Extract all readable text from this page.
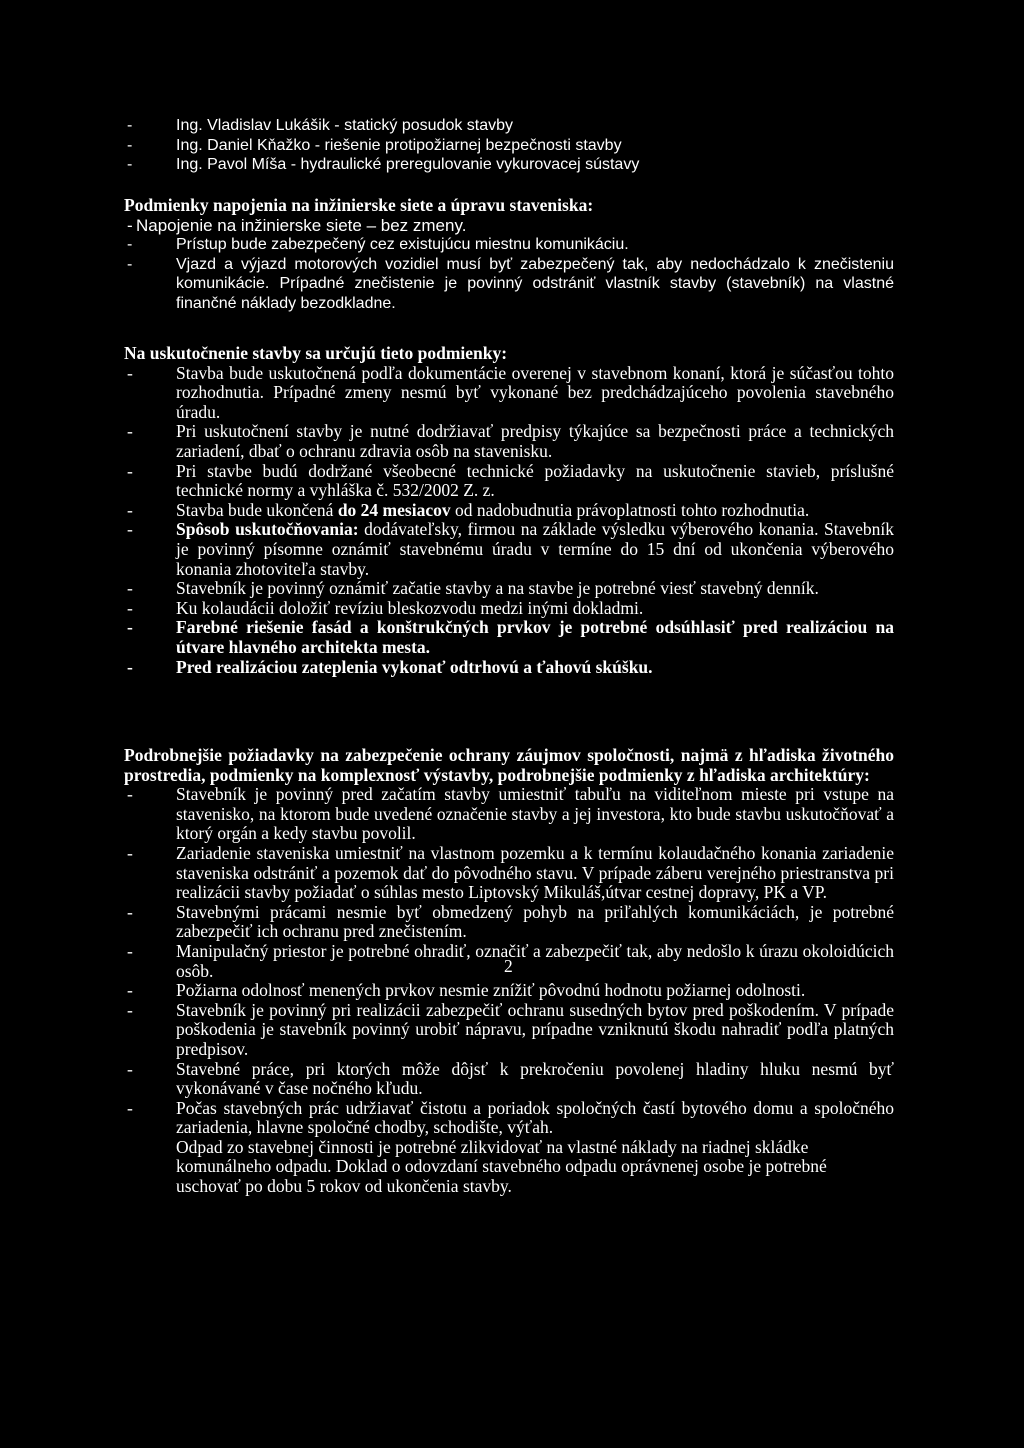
-	Ing. Vladislav Lukášik - statický posudok stavby
-	Ing. Daniel Kňažko - riešenie protipožiarnej bezpečnosti stavby
-	Ing. Pavol Míša - hydraulické preregulovanie vykurovacej sústavy
Podmienky napojenia na inžinierske siete a úpravu staveniska:
- Napojenie na inžinierske siete – bez zmeny.
-	Prístup bude zabezpečený cez existujúcu miestnu komunikáciu.
-	Vjazd a výjazd motorových vozidiel musí byť zabezpečený tak, aby nedochádzalo k znečisteniu komunikácie. Prípadné znečistenie je povinný odstrániť vlastník stavby (stavebník) na vlastné finančné náklady bezodkladne.
Na uskutočnenie stavby sa určujú tieto podmienky:
- Stavba bude uskutočnená podľa dokumentácie overenej v stavebnom konaní, ktorá je súčasťou tohto rozhodnutia. Prípadné zmeny nesmú byť vykonané bez predchádzajúceho povolenia stavebného úradu.
- Pri uskutočnení stavby je nutné dodržiavať predpisy týkajúce sa bezpečnosti práce a technických zariadení, dbať o ochranu zdravia osôb na stavenisku.
- Pri stavbe budú dodržané všeobecné technické požiadavky na uskutočnenie stavieb, príslušné technické normy a vyhláška č. 532/2002 Z. z.
- Stavba bude ukončená do 24 mesiacov od nadobudnutia právoplatnosti tohto rozhodnutia.
- Spôsob uskutočňovania: dodávateľsky, firmou na základe výsledku výberového konania. Stavebník je povinný písomne oznámiť stavebnému úradu v termíne do 15 dní od ukončenia výberového konania zhotoviteľa stavby.
- Stavebník je povinný oznámiť začatie stavby a na stavbe je potrebné viesť stavebný denník.
- Ku kolaudácii doložiť revíziu bleskozvodu medzi inými dokladmi.
- Farebné riešenie fasád a konštrukčných prvkov je potrebné odsúhlasiť pred realizáciou na útvare hlavného architekta mesta.
- Pred realizáciou zateplenia vykonať odtrhovú a ťahovú skúšku.
Podrobnejšie požiadavky na zabezpečenie ochrany záujmov spoločnosti, najmä z hľadiska životného prostredia, podmienky na komplexnosť výstavby, podrobnejšie podmienky z hľadiska architektúry:
- Stavebník je povinný pred začatím stavby umiestniť tabuľu na viditeľnom mieste pri vstupe na stavenisko, na ktorom bude uvedené označenie stavby a jej investora, kto bude stavbu uskutočňovať a ktorý orgán a kedy stavbu povolil.
- Zariadenie staveniska umiestniť na vlastnom pozemku a k termínu kolaudačného konania zariadenie staveniska odstrániť a pozemok dať do pôvodného stavu. V prípade záberu verejného priestranstva pri realizácii stavby požiadať o súhlas mesto Liptovský Mikuláš,útvar cestnej dopravy, PK a VP.
- Stavebnými prácami nesmie byť obmedzený pohyb na priľahlých komunikáciách, je potrebné zabezpečiť ich ochranu pred znečistením.
- Manipulačný priestor je potrebné ohradiť, označiť a zabezpečiť tak, aby nedošlo k úrazu okoloidúcich osôb.
- Požiarna odolnosť menených prvkov nesmie znížiť pôvodnú hodnotu požiarnej odolnosti.
- Stavebník je povinný pri realizácii zabezpečiť ochranu susedných bytov pred poškodením. V prípade poškodenia je stavebník povinný urobiť nápravu, prípadne vzniknutú škodu nahradiť podľa platných predpisov.
- Stavebné práce, pri ktorých môže dôjsť k prekročeniu povolenej hladiny hluku nesmú byť vykonávané v čase nočného kľudu.
- Počas stavebných prác udržiavať čistotu a poriadok spoločných častí bytového domu a spoločného zariadenia, hlavne spoločné chodby, schodište, výťah.
Odpad zo stavebnej činnosti je potrebné zlikvidovať na vlastné náklady na riadnej skládke komunálneho odpadu. Doklad o odovzdaní stavebného odpadu oprávnenej osobe je potrebné uschovať po dobu 5 rokov od ukončenia stavby.
2
